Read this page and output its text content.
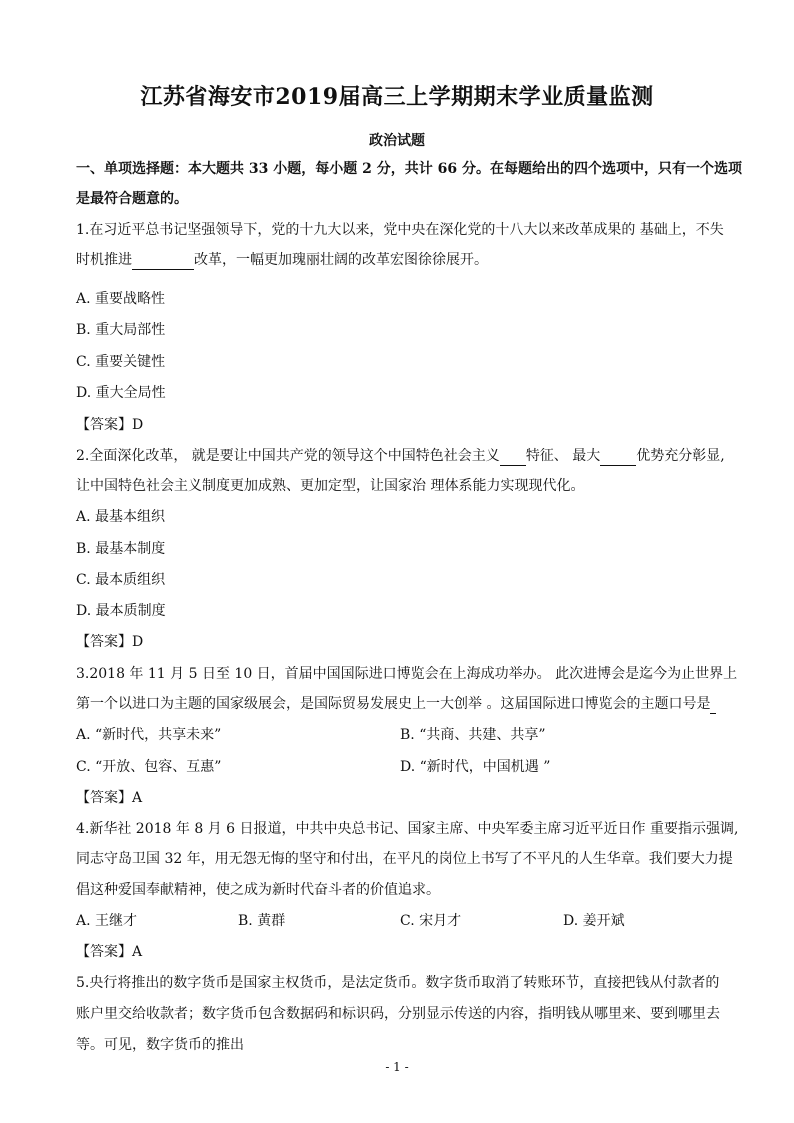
江苏省海安市2019届高三上学期期末学业质量监测
政治试题
一、单项选择题：本大题共 33 小题，每小题 2 分，共计 66 分。在每题给出的四个选项中，只有一个选项
是最符合题意的。
1.在习近平总书记坚强领导下，党的十九大以来，党中央在深化党的十八大以来改革成果的 基础上，不失
时机推进	改革，一幅更加瑰丽壮阔的改革宏图徐徐展开。
A. 重要战略性
B. 重大局部性
C. 重要关键性
D. 重大全局性
【答案】D
2.全面深化改革， 就是要让中国共产党的领导这个中国特色社会主义 特征、 最大	优势充分彰显,
让中国特色社会主义制度更加成熟、更加定型，让国家治 理体系能力实现现代化。
A. 最基本组织
B. 最基本制度
C. 最本质组织
D. 最本质制度
【答案】D
3.2018 年 11 月 5 日至 10 日，首届中国国际进口博览会在上海成功举办。 此次进博会是迄今为止世界上
第一个以进口为主题的国家级展会，是国际贸易发展史上一大创举 。这届国际进口博览会的主题口号是
A. “新时代，共享未来”	B. “共商、共建、共享”
C. “开放、包容、互惠”	D. “新时代，中国机遇 ”
【答案】A
4.新华社 2018 年 8 月 6 日报道，中共中央总书记、国家主席、中央军委主席习近平近日作 重要指示强调,
同志守岛卫国 32 年，用无怨无悔的坚守和付出，在平凡的岗位上书写了不平凡的人生华章。我们要大力提
倡这种爱国奉献精神，使之成为新时代奋斗者的价值追求。
A. 王继才	B. 黄群	C. 宋月才	D. 姜开斌
【答案】A
5.央行将推出的数字货币是国家主权货币，是法定货币。数字货币取消了转账环节，直接把钱从付款者的
账户里交给收款者；数字货币包含数据码和标识码，分别显示传送的内容，指明钱从哪里来、要到哪里去
等。可见，数字货币的推出
- 1 -
